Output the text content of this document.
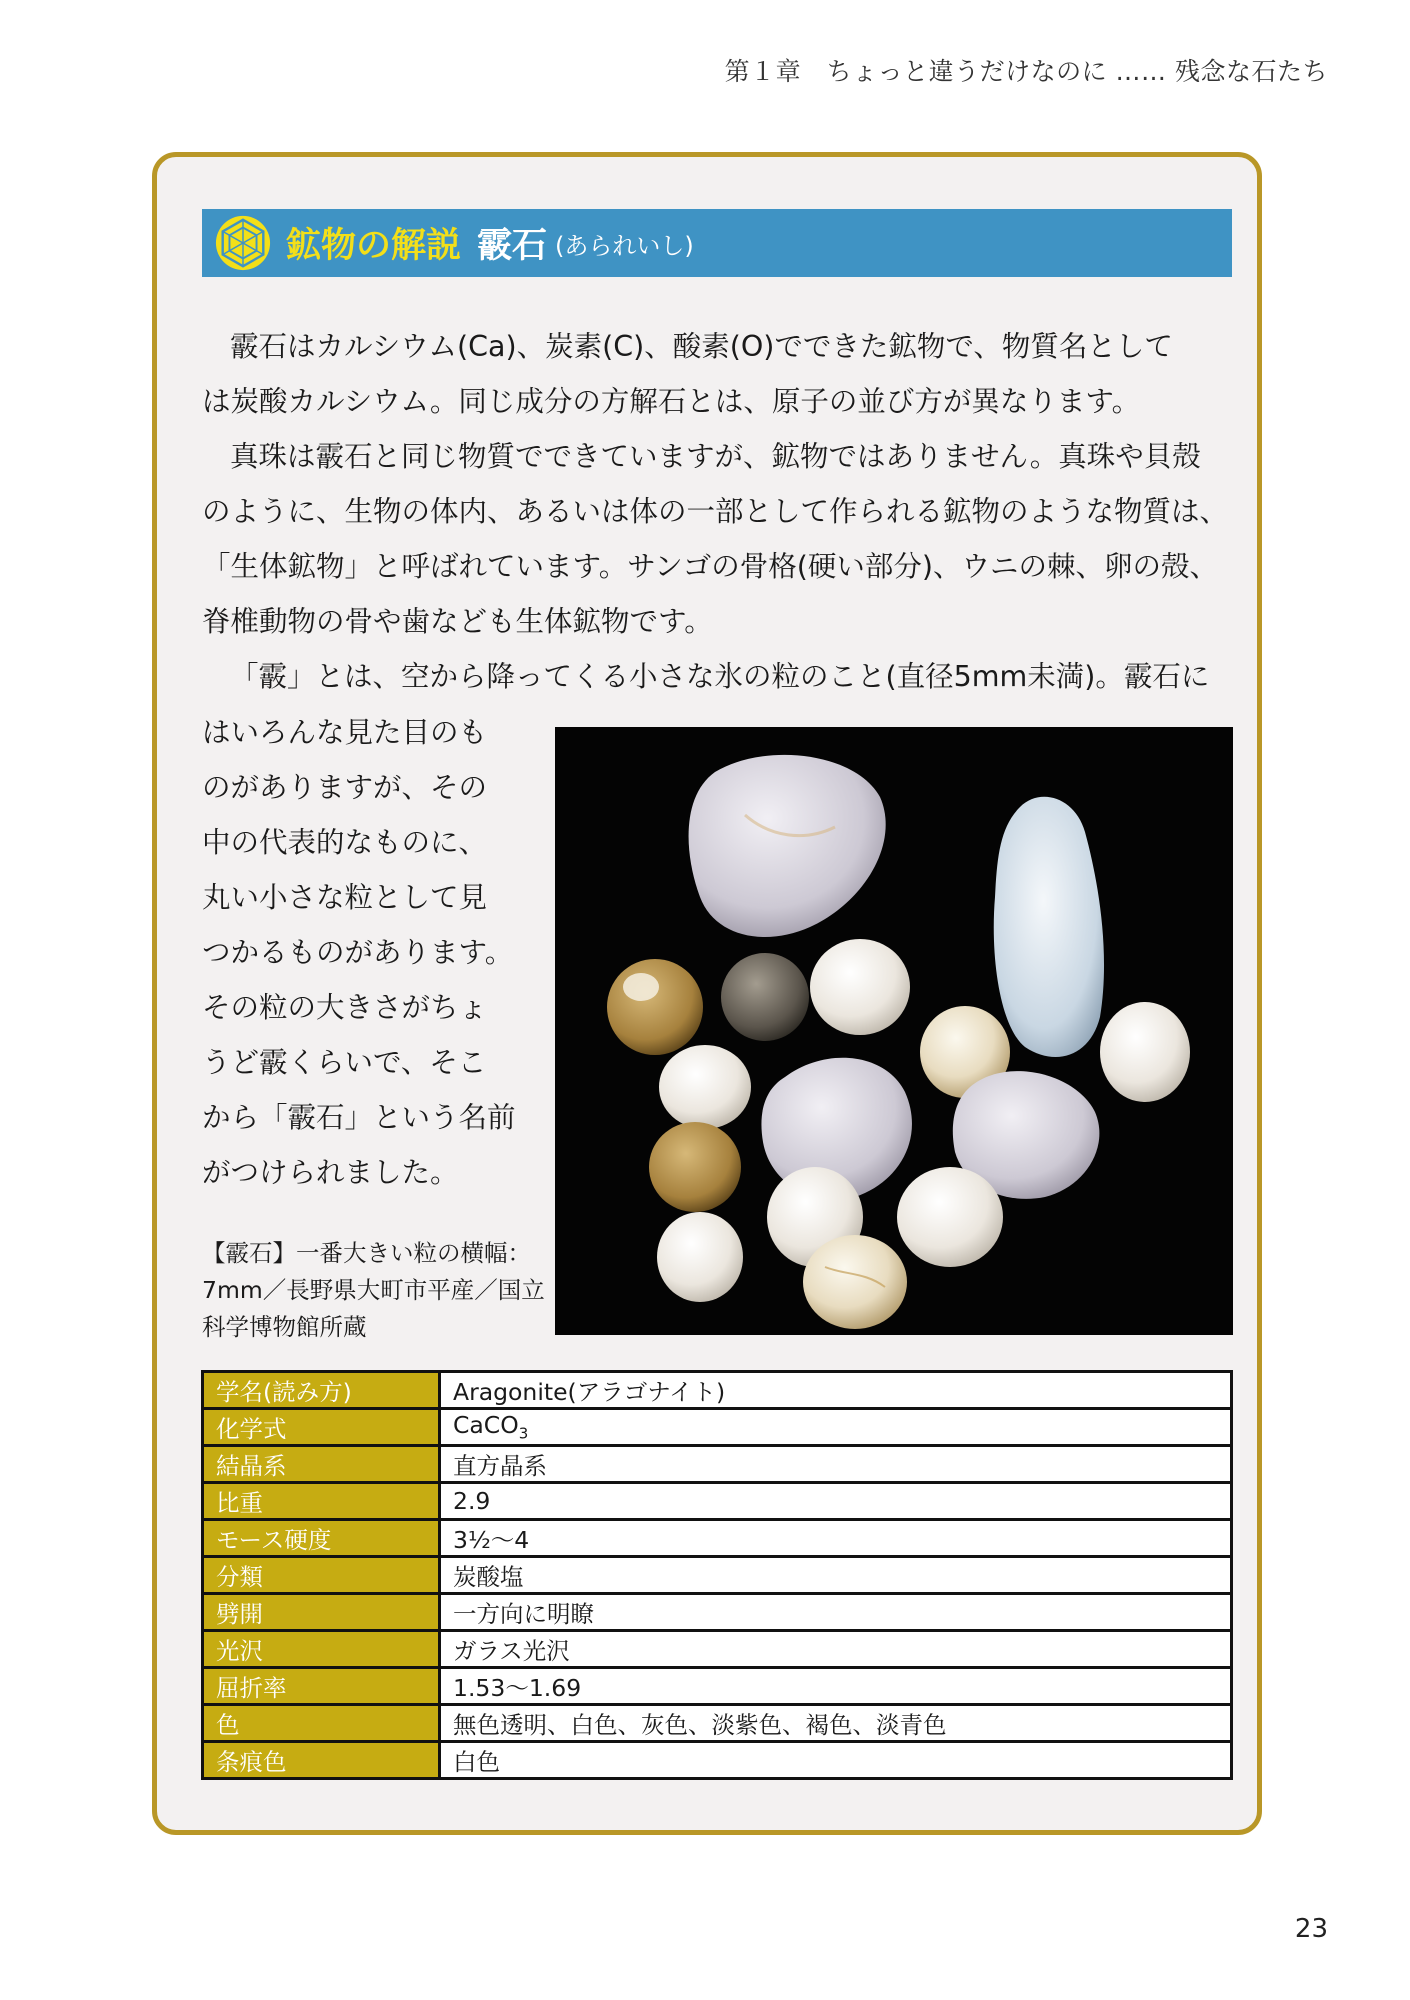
第１章　ちょっと違うだけなのに …… 残念な石たち
鉱物の解説 霰石 (あられいし)
霰石はカルシウム(Ca)、炭素(C)、酸素(O)でできた鉱物で、物質名として
は炭酸カルシウム。同じ成分の方解石とは、原子の並び方が異なります。
真珠は霰石と同じ物質でできていますが、鉱物ではありません。真珠や貝殻
のように、生物の体内、あるいは体の一部として作られる鉱物のような物質は、
「生体鉱物」と呼ばれています。サンゴの骨格(硬い部分)、ウニの棘、卵の殻、
脊椎動物の骨や歯なども生体鉱物です。
「霰」とは、空から降ってくる小さな氷の粒のこと(直径5mm未満)。霰石に
はいろんな見た目のも
のがありますが、その
中の代表的なものに、
丸い小さな粒として見
つかるものがあります。
その粒の大きさがちょ
うど霰くらいで、そこ
から「霰石」という名前
がつけられました。
【霰石】一番大きい粒の横幅：7mm／長野県大町市平産／国立科学博物館所蔵
学名(読み方)	Aragonite(アラゴナイト)
化学式	CaCO$_3$
結晶系	直方晶系
比重	2.9
モース硬度	3½～4
分類	炭酸塩
劈開	一方向に明瞭
光沢	ガラス光沢
屈折率	1.53～1.69
色	無色透明、白色、灰色、淡紫色、褐色、淡青色
条痕色	白色
23
